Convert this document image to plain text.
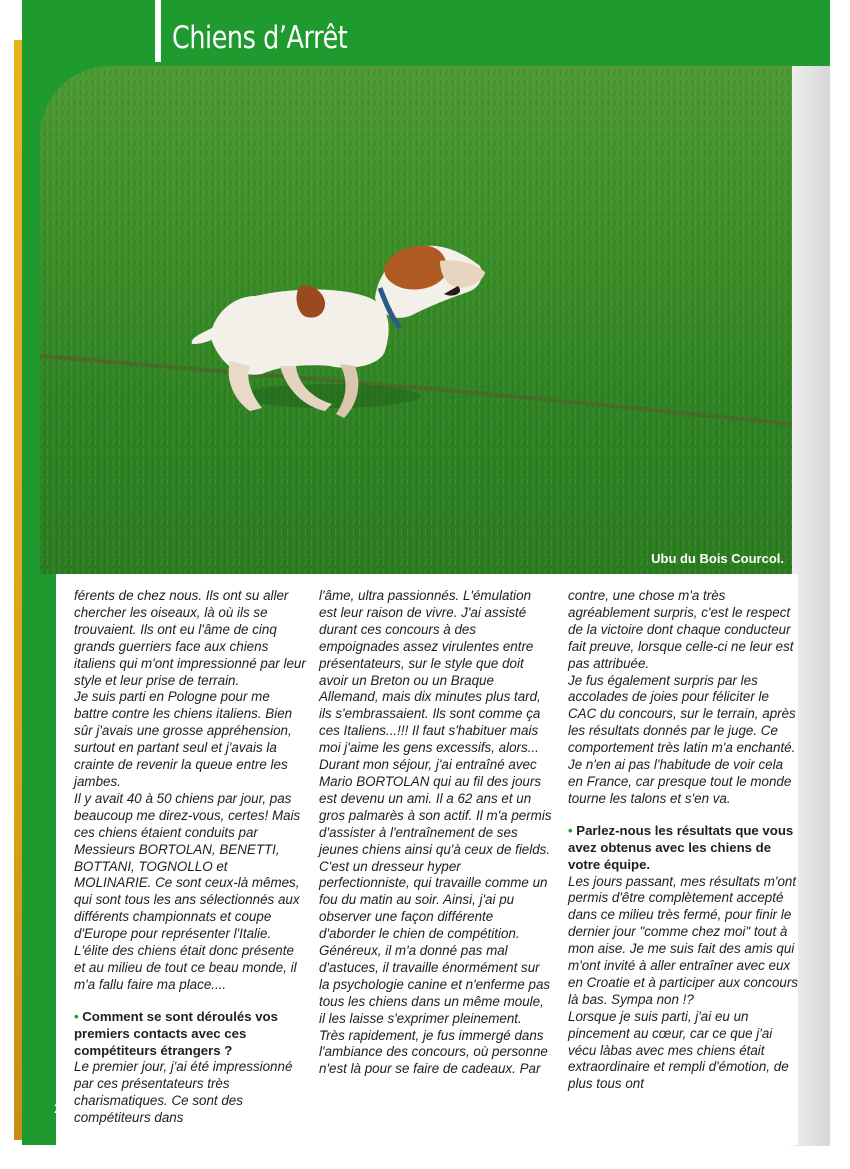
Chiens d’Arrêt
Ubu du Bois Courcol.

férents de chez nous. Ils ont su aller chercher les oiseaux, là où ils se trouvaient. Ils ont eu l'âme de cinq grands guerriers face aux chiens italiens qui m'ont impressionné par leur style et leur prise de terrain.

Je suis parti en Pologne pour me battre contre les chiens italiens. Bien sûr j'avais une grosse appréhension, surtout en partant seul et j'avais la crainte de revenir la queue entre les jambes.

Il y avait 40 à 50 chiens par jour, pas beaucoup me direz-vous, certes! Mais ces chiens étaient conduits par Messieurs BORTOLAN, BENETTI, BOTTANI, TOGNOLLO et MOLINARIE. Ce sont ceux-là mêmes, qui sont tous les ans sélectionnés aux différents championnats et coupe d'Europe pour représenter l'Italie. L'élite des chiens était donc présente et au milieu de tout ce beau monde, il m'a fallu faire ma place....

• Comment se sont déroulés vos premiers contacts avec ces compétiteurs étrangers ?

Le premier jour, j'ai été impressionné par ces présentateurs très charismatiques. Ce sont des compétiteurs dans

l'âme, ultra passionnés. L'émulation est leur raison de vivre. J'ai assisté durant ces concours à des empoignades assez virulentes entre présentateurs, sur le style que doit avoir un Breton ou un Braque Allemand, mais dix minutes plus tard, ils s'embrassaient. Ils sont comme ça ces Italiens...!!! Il faut s'habituer mais moi j'aime les gens excessifs, alors...

Durant mon séjour, j'ai entraîné avec Mario BORTOLAN qui au fil des jours est devenu un ami. Il a 62 ans et un gros palmarès à son actif. Il m'a permis d'assister à l'entraînement de ses jeunes chiens ainsi qu'à ceux de fields. C'est un dresseur hyper perfectionniste, qui travaille comme un fou du matin au soir. Ainsi, j'ai pu observer une façon différente d'aborder le chien de compétition.

Généreux, il m'a donné pas mal d'astuces, il travaille énormément sur la psychologie canine et n'enferme pas tous les chiens dans un même moule, il les laisse s'exprimer pleinement.

Très rapidement, je fus immergé dans l'ambiance des concours, où personne n'est là pour se faire de cadeaux. Par

contre, une chose m'a très agréablement surpris, c'est le respect de la victoire dont chaque conducteur fait preuve, lorsque celle-ci ne leur est pas attribuée.

Je fus également surpris par les accolades de joies pour féliciter le CAC du concours, sur le terrain, après les résultats donnés par le juge. Ce comportement très latin m'a enchanté. Je n'en ai pas l'habitude de voir cela en France, car presque tout le monde tourne les talons et s'en va.

• Parlez-nous les résultats que vous avez obtenus avec les chiens de votre équipe.

Les jours passant, mes résultats m'ont permis d'être complètement accepté dans ce milieu très fermé, pour finir le dernier jour "comme chez moi" tout à mon aise. Je me suis fait des amis qui m'ont invité à aller entraîner avec eux en Croatie et à participer aux concours là bas. Sympa non !?

Lorsque je suis parti, j'ai eu un pincement au cœur, car ce que j'ai vécu làbas avec mes chiens était extraordinaire et rempli d'émotion, de plus tous ont

26
